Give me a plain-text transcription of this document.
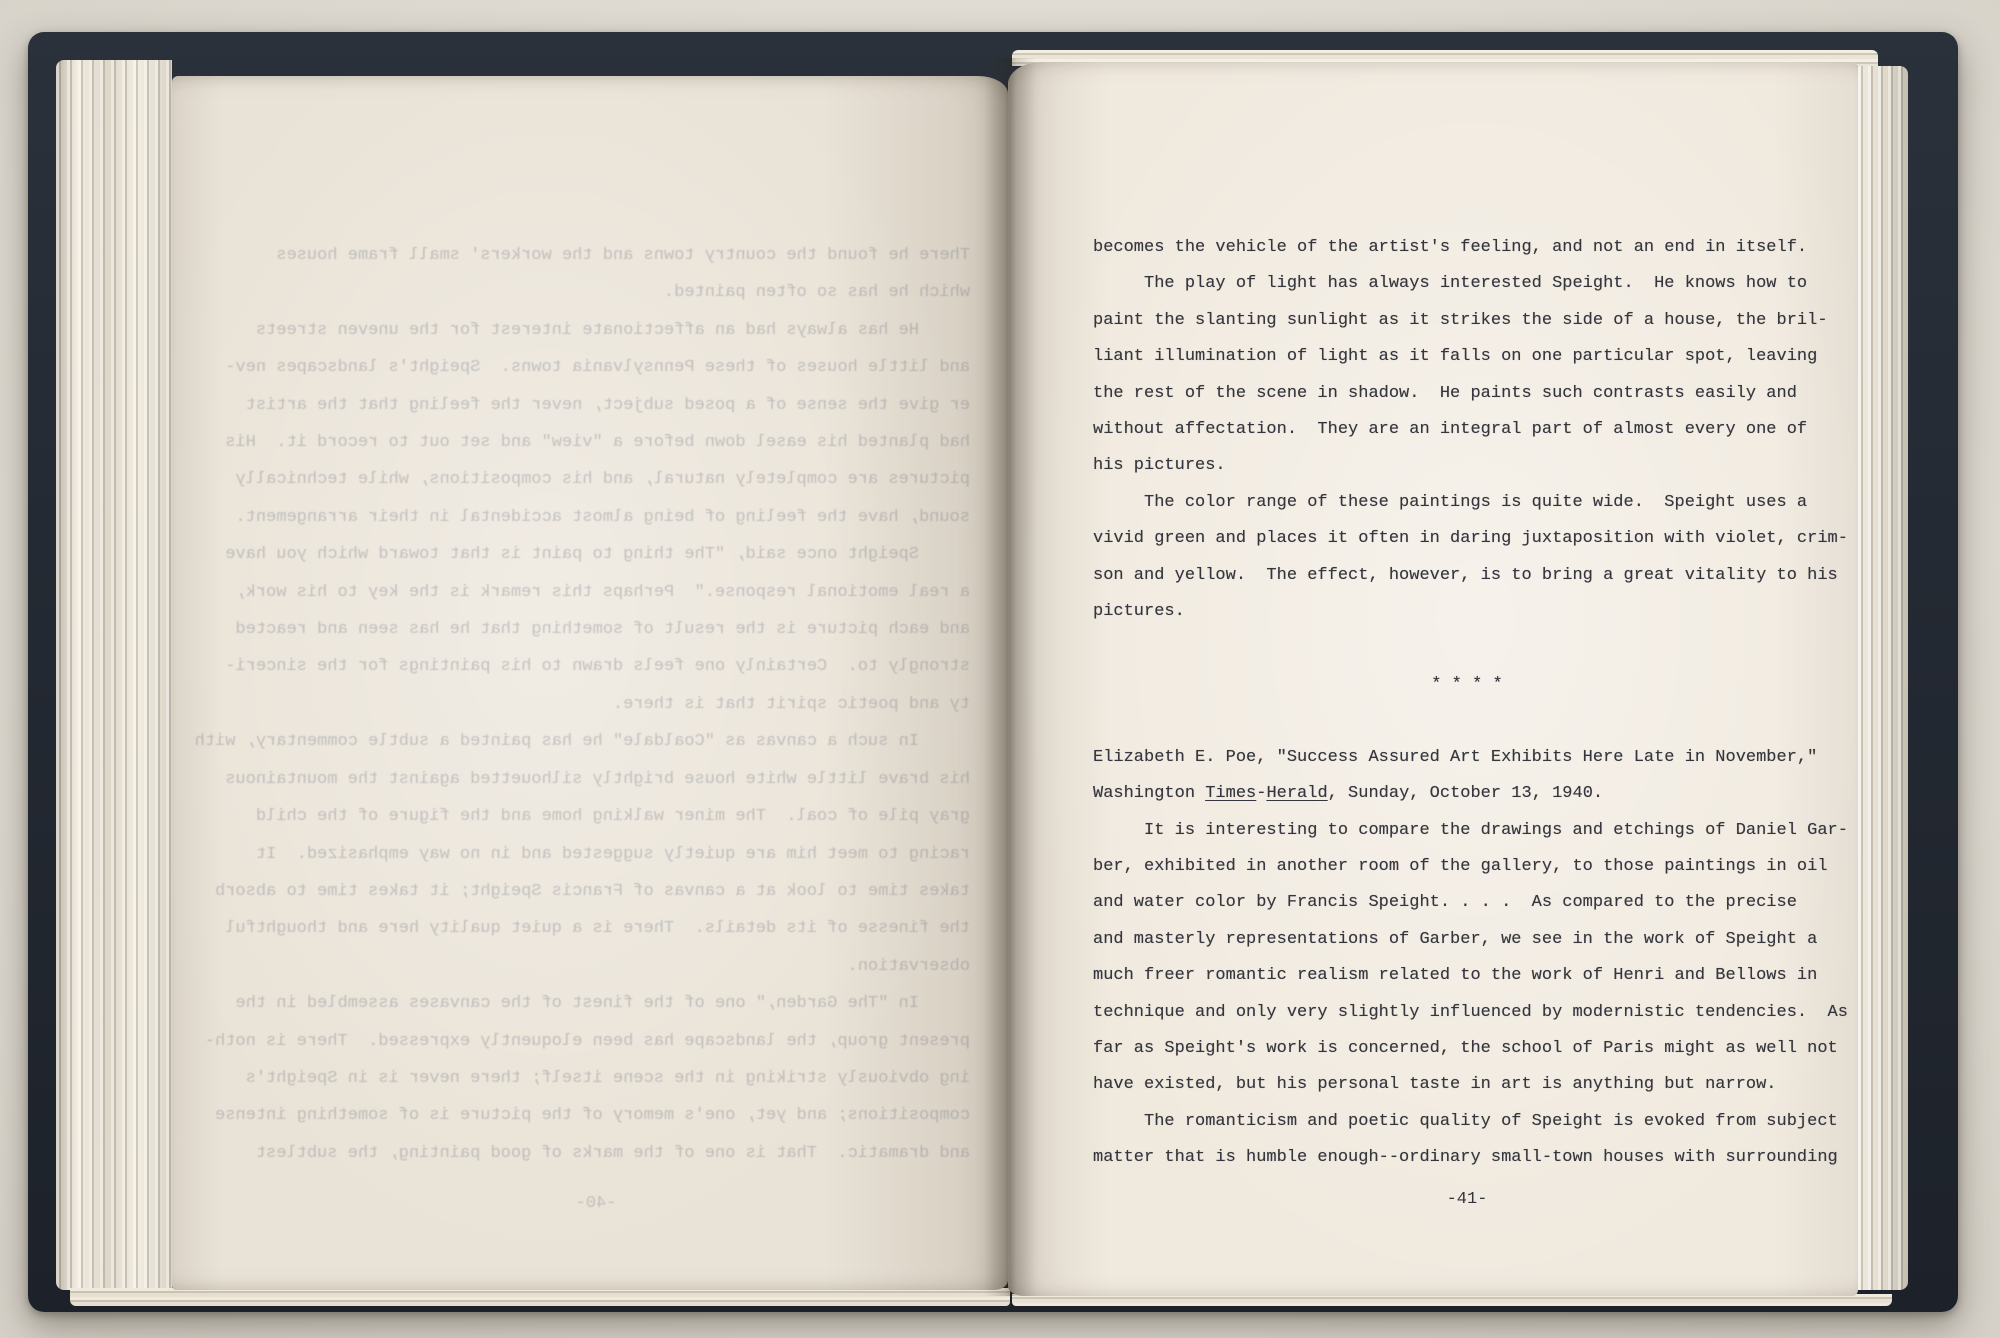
There he found the country towns and the workers' small frame houses
which he has so often painted.
He has always had an affectionate interest for the uneven streets
and little houses of these Pennsylvania towns.  Speight's landscapes nev-
er give the sense of a posed subject, never the feeling that the artist
had planted his easel down before a "view" and set out to record it.  His
pictures are completely natural, and his compositions, while technically
sound, have the feeling of being almost accidental in their arrangement.
Speight once said, "The thing to paint is that toward which you have
a real emotional response."  Perhaps this remark is the key to his work,
and each picture is the result of something that he has seen and reacted
strongly to.  Certainly one feels drawn to his paintings for the sinceri-
ty and poetic spirit that is there.
In such a canvas as "Coaldale" he has painted a subtle commentary, with
his brave little white house brightly silhouetted against the mountainous
gray pile of coal.  The miner walking home and the figure of the child
racing to meet him are quietly suggested and in no way emphasized.  It
takes time to look at a canvas of Francis Speight; it takes time to absorb
the finesse of its details.  There is a quiet quality here and thoughtful
observation.
In "The Garden," one of the finest of the canvases assembled in the
present group, the landscape has been eloquently expressed.  There is noth-
ing obviously striking in the scene itself; there never is in Speight's
compositions; and yet, one's memory of the picture is of something intense
and dramatic.  That is one of the marks of good painting, the subtlest
-40-
becomes the vehicle of the artist's feeling, and not an end in itself.
The play of light has always interested Speight.  He knows how to
paint the slanting sunlight as it strikes the side of a house, the bril-
liant illumination of light as it falls on one particular spot, leaving
the rest of the scene in shadow.  He paints such contrasts easily and
without affectation.  They are an integral part of almost every one of
his pictures.
The color range of these paintings is quite wide.  Speight uses a
vivid green and places it often in daring juxtaposition with violet, crim-
son and yellow.  The effect, however, is to bring a great vitality to his
pictures.

* * * *

Elizabeth E. Poe, "Success Assured Art Exhibits Here Late in November,"
Washington Times-Herald, Sunday, October 13, 1940.
It is interesting to compare the drawings and etchings of Daniel Gar-
ber, exhibited in another room of the gallery, to those paintings in oil
and water color by Francis Speight. . . .  As compared to the precise
and masterly representations of Garber, we see in the work of Speight a
much freer romantic realism related to the work of Henri and Bellows in
technique and only very slightly influenced by modernistic tendencies.  As
far as Speight's work is concerned, the school of Paris might as well not
have existed, but his personal taste in art is anything but narrow.
The romanticism and poetic quality of Speight is evoked from subject
matter that is humble enough--ordinary small-town houses with surrounding
-41-
